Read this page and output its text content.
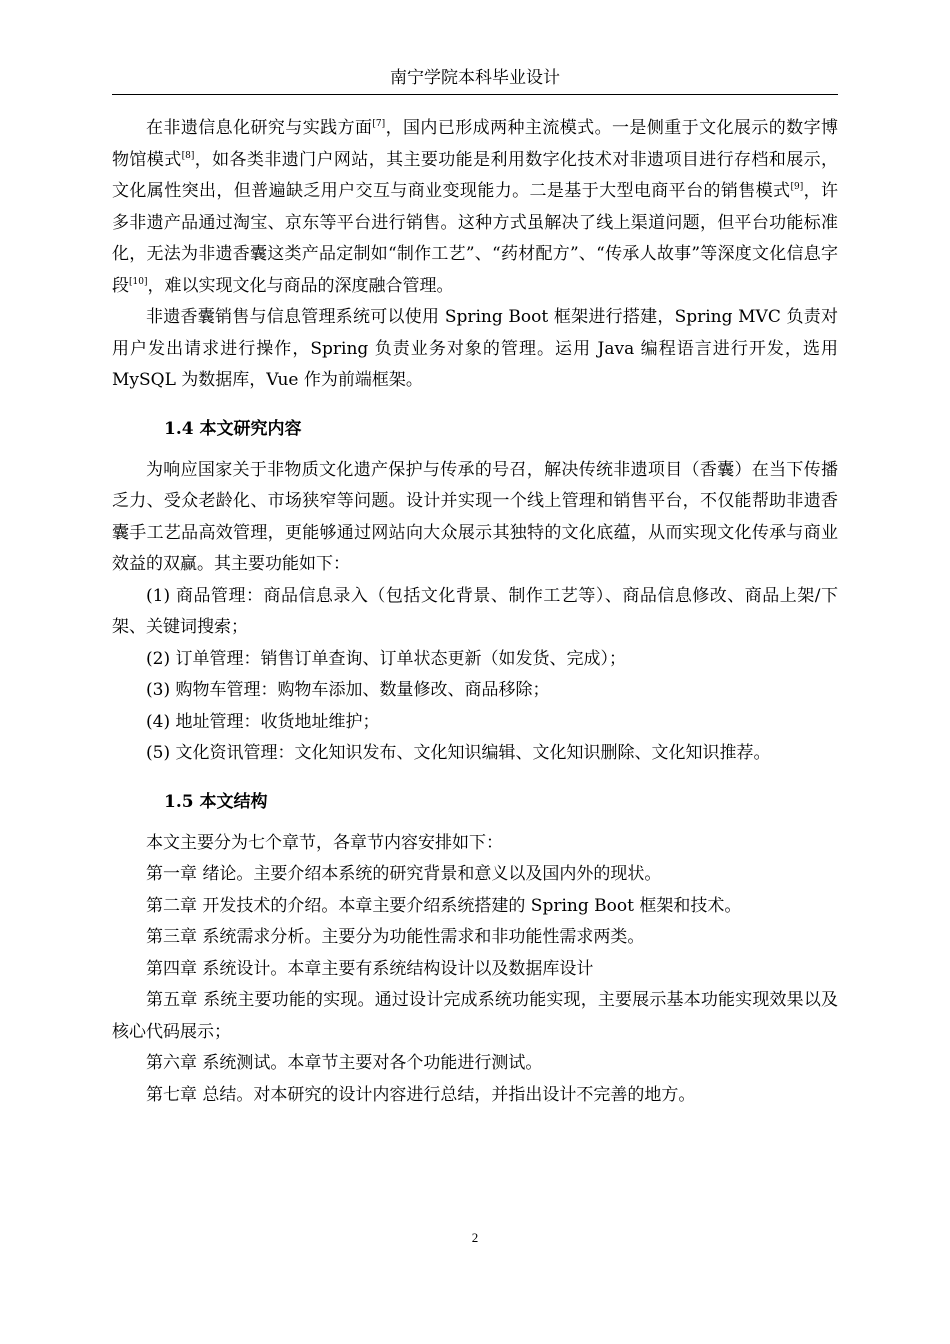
南宁学院本科毕业设计

在非遗信息化研究与实践方面[7]，国内已形成两种主流模式。一是侧重于文化展示的数字博物馆模式[8]，如各类非遗门户网站，其主要功能是利用数字化技术对非遗项目进行存档和展示，文化属性突出，但普遍缺乏用户交互与商业变现能力。二是基于大型电商平台的销售模式[9]，许多非遗产品通过淘宝、京东等平台进行销售。这种方式虽解决了线上渠道问题，但平台功能标准化，无法为非遗香囊这类产品定制如“制作工艺”、“药材配方”、“传承人故事”等深度文化信息字段[10]，难以实现文化与商品的深度融合管理。

非遗香囊销售与信息管理系统可以使用 Spring Boot 框架进行搭建，Spring MVC 负责对用户发出请求进行操作，Spring 负责业务对象的管理。运用 Java 编程语言进行开发，选用 MySQL 为数据库，Vue 作为前端框架。

1.4 本文研究内容

为响应国家关于非物质文化遗产保护与传承的号召，解决传统非遗项目（香囊）在当下传播乏力、受众老龄化、市场狭窄等问题。设计并实现一个线上管理和销售平台，不仅能帮助非遗香囊手工艺品高效管理，更能够通过网站向大众展示其独特的文化底蕴，从而实现文化传承与商业效益的双赢。其主要功能如下：

(1) 商品管理：商品信息录入（包括文化背景、制作工艺等）、商品信息修改、商品上架/下架、关键词搜索；

(2) 订单管理：销售订单查询、订单状态更新（如发货、完成）；

(3) 购物车管理：购物车添加、数量修改、商品移除；

(4) 地址管理：收货地址维护；

(5) 文化资讯管理：文化知识发布、文化知识编辑、文化知识删除、文化知识推荐。

1.5 本文结构

本文主要分为七个章节，各章节内容安排如下：

第一章 绪论。主要介绍本系统的研究背景和意义以及国内外的现状。

第二章 开发技术的介绍。本章主要介绍系统搭建的 Spring Boot 框架和技术。

第三章 系统需求分析。主要分为功能性需求和非功能性需求两类。

第四章 系统设计。本章主要有系统结构设计以及数据库设计

第五章 系统主要功能的实现。通过设计完成系统功能实现，主要展示基本功能实现效果以及核心代码展示；

第六章 系统测试。本章节主要对各个功能进行测试。

第七章 总结。对本研究的设计内容进行总结，并指出设计不完善的地方。

2
